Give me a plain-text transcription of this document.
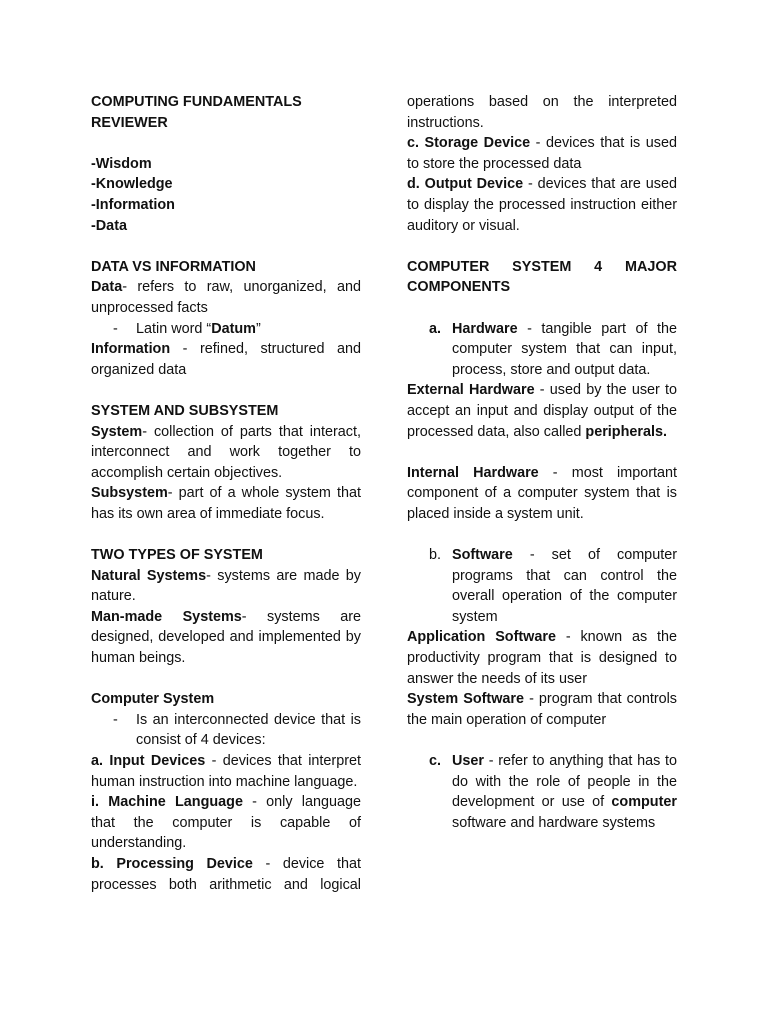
COMPUTING FUNDAMENTALS REVIEWER

-Wisdom

-Knowledge

-Information

-Data

DATA VS INFORMATION

Data- refers to raw, unorganized, and unprocessed facts

-	Latin word “Datum”

Information - refined, structured and organized data

SYSTEM AND SUBSYSTEM

System- collection of parts that interact, interconnect and work together to accomplish certain objectives.

Subsystem- part of a whole system that has its own area of immediate focus.

TWO TYPES OF SYSTEM

Natural Systems- systems are made by nature.

Man-made Systems- systems are designed, developed and implemented by human beings.

Computer System

-	Is an interconnected device that is consist of 4 devices:

a. Input Devices - devices that interpret human instruction into machine language.

i. Machine Language - only language that the computer is capable of understanding.

b. Processing Device - device that processes both arithmetic and logical

operations based on the interpreted instructions.

c. Storage Device - devices that is used to store the processed data

d. Output Device - devices that are used to display the processed instruction either auditory or visual.

COMPUTER SYSTEM 4 MAJOR COMPONENTS

a. Hardware - tangible part of the computer system that can input, process, store and output data.

External Hardware - used by the user to accept an input and display output of the processed data, also called peripherals.

Internal Hardware - most important component of a computer system that is placed inside a system unit.

b. Software - set of computer programs that can control the overall operation of the computer system

Application Software - known as the productivity program that is designed to answer the needs of its user

System Software - program that controls the main operation of computer

c. User - refer to anything that has to do with the role of people in the development or use of computer software and hardware systems
